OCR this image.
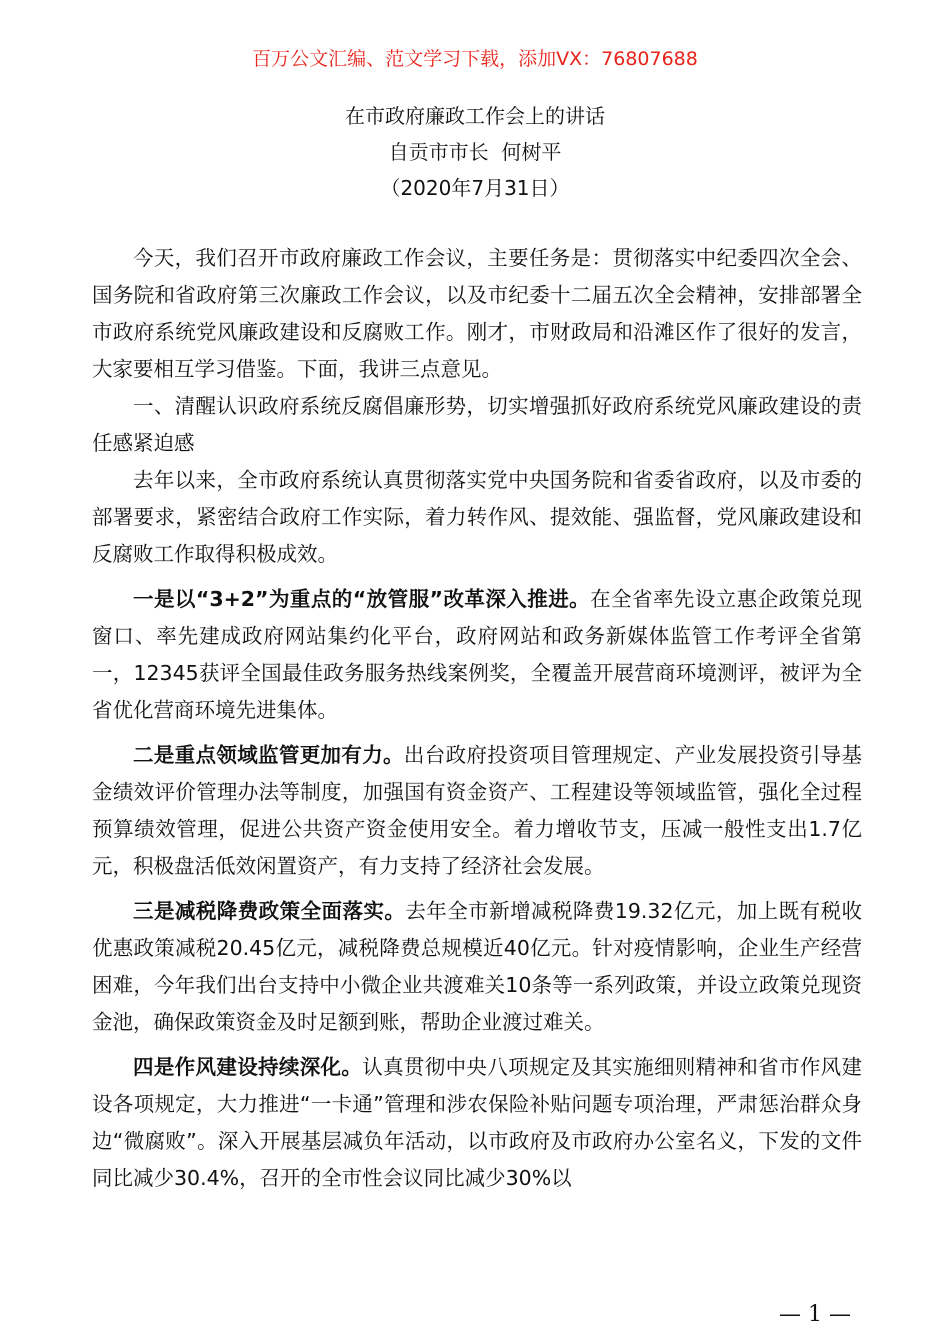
百万公文汇编、范文学习下载，添加VX：76807688
在市政府廉政工作会上的讲话
自贡市市长  何树平
（2020年7月31日）

今天，我们召开市政府廉政工作会议，主要任务是：贯彻落实中纪委四次全会、国务院和省政府第三次廉政工作会议，以及市纪委十二届五次全会精神，安排部署全市政府系统党风廉政建设和反腐败工作。刚才，市财政局和沿滩区作了很好的发言，大家要相互学习借鉴。下面，我讲三点意见。

一、清醒认识政府系统反腐倡廉形势，切实增强抓好政府系统党风廉政建设的责任感紧迫感

去年以来，全市政府系统认真贯彻落实党中央国务院和省委省政府，以及市委的部署要求，紧密结合政府工作实际，着力转作风、提效能、强监督，党风廉政建设和反腐败工作取得积极成效。

一是以“3+2”为重点的“放管服”改革深入推进。在全省率先设立惠企政策兑现窗口、率先建成政府网站集约化平台，政府网站和政务新媒体监管工作考评全省第一，12345获评全国最佳政务服务热线案例奖，全覆盖开展营商环境测评，被评为全省优化营商环境先进集体。

二是重点领域监管更加有力。出台政府投资项目管理规定、产业发展投资引导基金绩效评价管理办法等制度，加强国有资金资产、工程建设等领域监管，强化全过程预算绩效管理，促进公共资产资金使用安全。着力增收节支，压减一般性支出1.7亿元，积极盘活低效闲置资产，有力支持了经济社会发展。

三是减税降费政策全面落实。去年全市新增减税降费19.32亿元，加上既有税收优惠政策减税20.45亿元，减税降费总规模近40亿元。针对疫情影响，企业生产经营困难，今年我们出台支持中小微企业共渡难关10条等一系列政策，并设立政策兑现资金池，确保政策资金及时足额到账，帮助企业渡过难关。

四是作风建设持续深化。认真贯彻中央八项规定及其实施细则精神和省市作风建设各项规定，大力推进“一卡通”管理和涉农保险补贴问题专项治理，严肃惩治群众身边“微腐败”。深入开展基层减负年活动，以市政府及市政府办公室名义，下发的文件同比减少30.4%，召开的全市性会议同比减少30%以

— 1 —
